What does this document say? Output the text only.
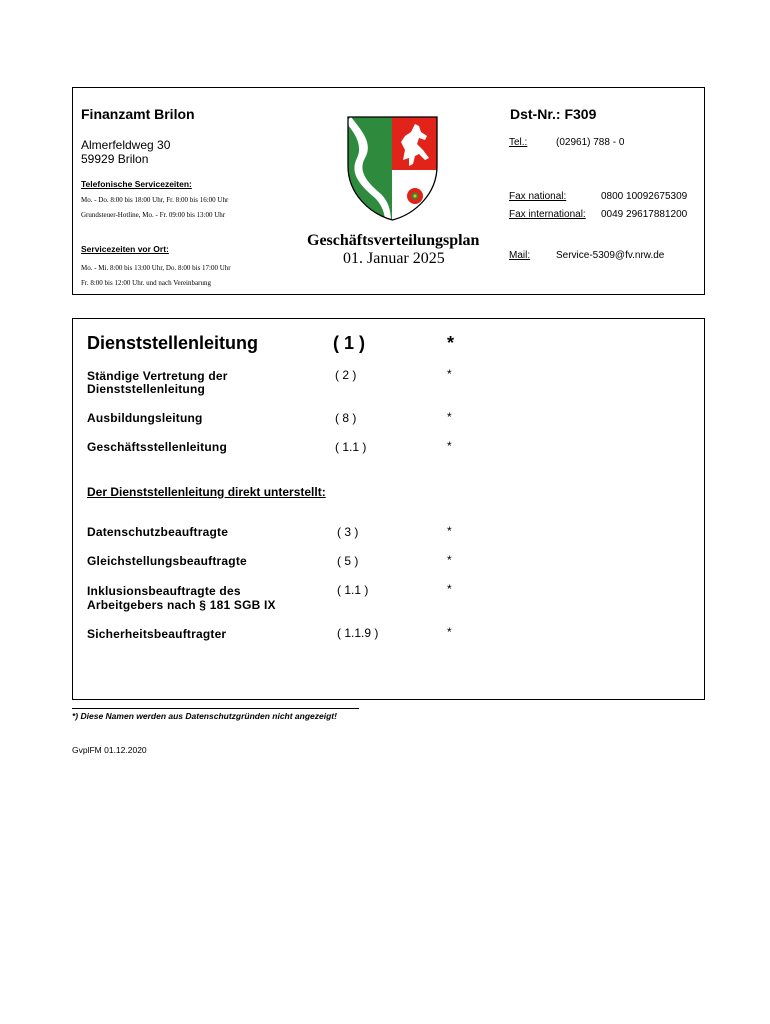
Finanzamt Brilon	Dst-Nr.: F309
Almerfeldweg 30
59929 Brilon
Tel.:	(02961) 788 - 0
Telefonische Servicezeiten:
Mo. - Do. 8:00 bis 18:00 Uhr, Fr. 8:00 bis 16:00 Uhr
Grundsteuer-Hotline, Mo. - Fr. 09:00 bis 13:00 Uhr
Servicezeiten vor Ort:
Mo. - Mi. 8:00 bis 13:00 Uhr, Do. 8:00 bis 17:00 Uhr
Fr. 8:00 bis 12:00 Uhr. und nach Vereinbarung
Fax national:	0800 10092675309
Fax international: 0049 29617881200
Mail:	Service-5309@fv.nrw.de
Geschäftsverteilungsplan
01. Januar 2025
Dienststellenleitung	( 1 )	*
Ständige Vertretung der
Dienststellenleitung
( 2 )	*
Ausbildungsleitung	( 8 )	*
Geschäftsstellenleitung	( 1.1 )	*
Der Dienststellenleitung direkt unterstellt:
Datenschutzbeauftragte	( 3 )	*
Gleichstellungsbeauftragte	( 5 )	*
Inklusionsbeauftragte des
Arbeitgebers nach § 181 SGB IX
( 1.1 )	*
Sicherheitsbeauftragter	( 1.1.9 )	*
*) Diese Namen werden aus Datenschutzgründen nicht angezeigt!
GvplFM 01.12.2020
